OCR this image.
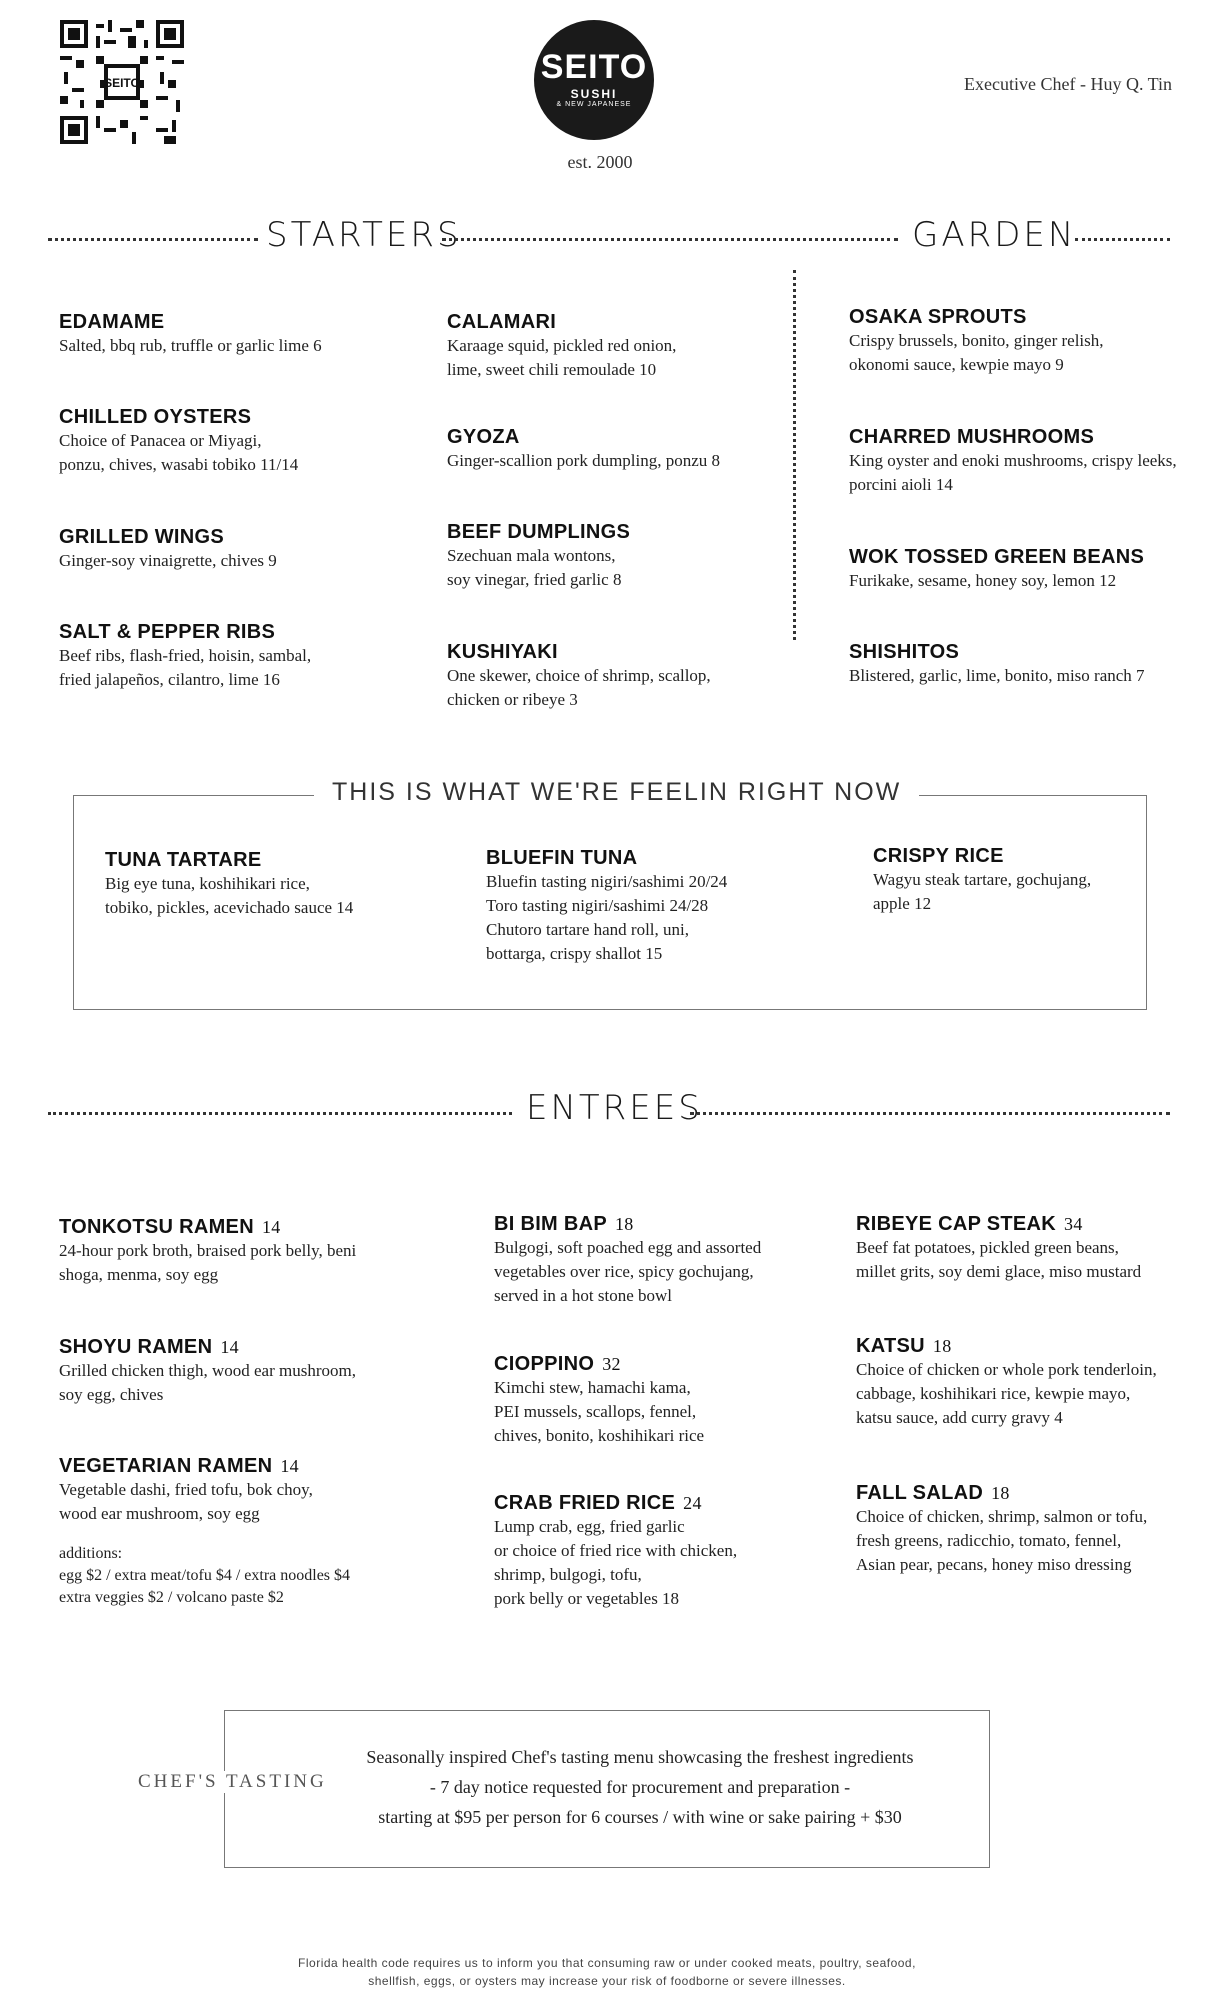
SEITO	SEITO
SUSHI
& NEW JAPANESE
est. 2000
Executive Chef - Huy Q. Tin
STARTERS	GARDEN
EDAMAME
Salted, bbq rub, truffle or garlic lime 6
CHILLED OYSTERS
Choice of Panacea or Miyagi,
ponzu, chives, wasabi tobiko 11/14
GRILLED WINGS
Ginger-soy vinaigrette, chives 9
SALT & PEPPER RIBS
Beef ribs, flash-fried, hoisin, sambal,
fried jalapeños, cilantro, lime 16
CALAMARI
Karaage squid, pickled red onion,
lime, sweet chili remoulade 10
GYOZA
Ginger-scallion pork dumpling, ponzu 8
BEEF DUMPLINGS
Szechuan mala wontons,
soy vinegar, fried garlic 8
KUSHIYAKI
One skewer, choice of shrimp, scallop,
chicken or ribeye 3
OSAKA SPROUTS
Crispy brussels, bonito, ginger relish,
okonomi sauce, kewpie mayo 9
CHARRED MUSHROOMS
King oyster and enoki mushrooms, crispy leeks,
porcini aioli 14
WOK TOSSED GREEN BEANS
Furikake, sesame, honey soy, lemon 12
SHISHITOS
Blistered, garlic, lime, bonito, miso ranch 7
THIS IS WHAT WE'RE FEELIN RIGHT NOW
TUNA TARTARE
Big eye tuna, koshihikari rice,
tobiko, pickles, acevichado sauce 14
BLUEFIN TUNA
Bluefin tasting nigiri/sashimi 20/24
Toro tasting nigiri/sashimi 24/28
Chutoro tartare hand roll, uni,
bottarga, crispy shallot 15
CRISPY RICE
Wagyu steak tartare, gochujang,
apple 12
ENTREES
TONKOTSU RAMEN 14
24-hour pork broth, braised pork belly, beni
shoga, menma, soy egg
SHOYU RAMEN 14
Grilled chicken thigh, wood ear mushroom,
soy egg, chives
VEGETARIAN RAMEN 14
Vegetable dashi, fried tofu, bok choy,
wood ear mushroom, soy egg
additions:
egg $2 / extra meat/tofu $4 / extra noodles $4
extra veggies $2 / volcano paste $2
BI BIM BAP 18
Bulgogi, soft poached egg and assorted
vegetables over rice, spicy gochujang,
served in a hot stone bowl
CIOPPINO 32
Kimchi stew, hamachi kama,
PEI mussels, scallops, fennel,
chives, bonito, koshihikari rice
CRAB FRIED RICE 24
Lump crab, egg, fried garlic
or choice of fried rice with chicken,
shrimp, bulgogi, tofu,
pork belly or vegetables 18
RIBEYE CAP STEAK 34
Beef fat potatoes, pickled green beans,
millet grits, soy demi glace, miso mustard
KATSU 18
Choice of chicken or whole pork tenderloin,
cabbage, koshihikari rice, kewpie mayo,
katsu sauce, add curry gravy 4
FALL SALAD 18
Choice of chicken, shrimp, salmon or tofu,
fresh greens, radicchio, tomato, fennel,
Asian pear, pecans, honey miso dressing
CHEF'S TASTING
Seasonally inspired Chef's tasting menu showcasing the freshest ingredients
- 7 day notice requested for procurement and preparation -
starting at $95 per person for 6 courses / with wine or sake pairing + $30
Florida health code requires us to inform you that consuming raw or under cooked meats, poultry, seafood,
shellfish, eggs, or oysters may increase your risk of foodborne or severe illnesses.
